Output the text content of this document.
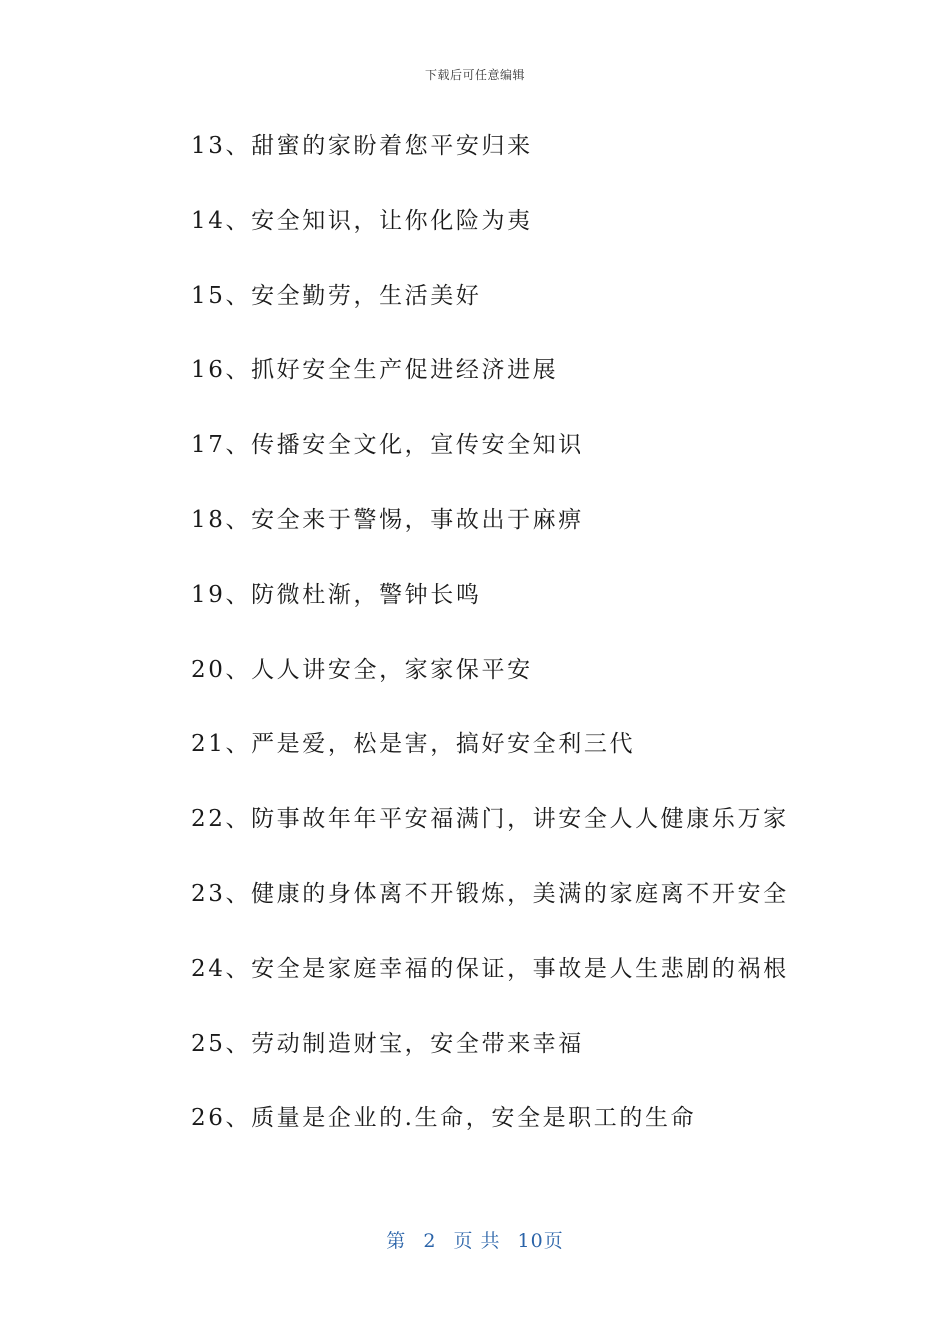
下载后可任意编辑
13、甜蜜的家盼着您平安归来
14、安全知识，让你化险为夷
15、安全勤劳，生活美好
16、抓好安全生产促进经济进展
17、传播安全文化，宣传安全知识
18、安全来于警惕，事故出于麻痹
19、防微杜渐，警钟长鸣
20、人人讲安全，家家保平安
21、严是爱，松是害，搞好安全利三代
22、防事故年年平安福满门，讲安全人人健康乐万家
23、健康的身体离不开锻炼，美满的家庭离不开安全
24、安全是家庭幸福的保证，事故是人生悲剧的祸根
25、劳动制造财宝，安全带来幸福
26、质量是企业的.生命，安全是职工的生命
第 2 页 共 10页
